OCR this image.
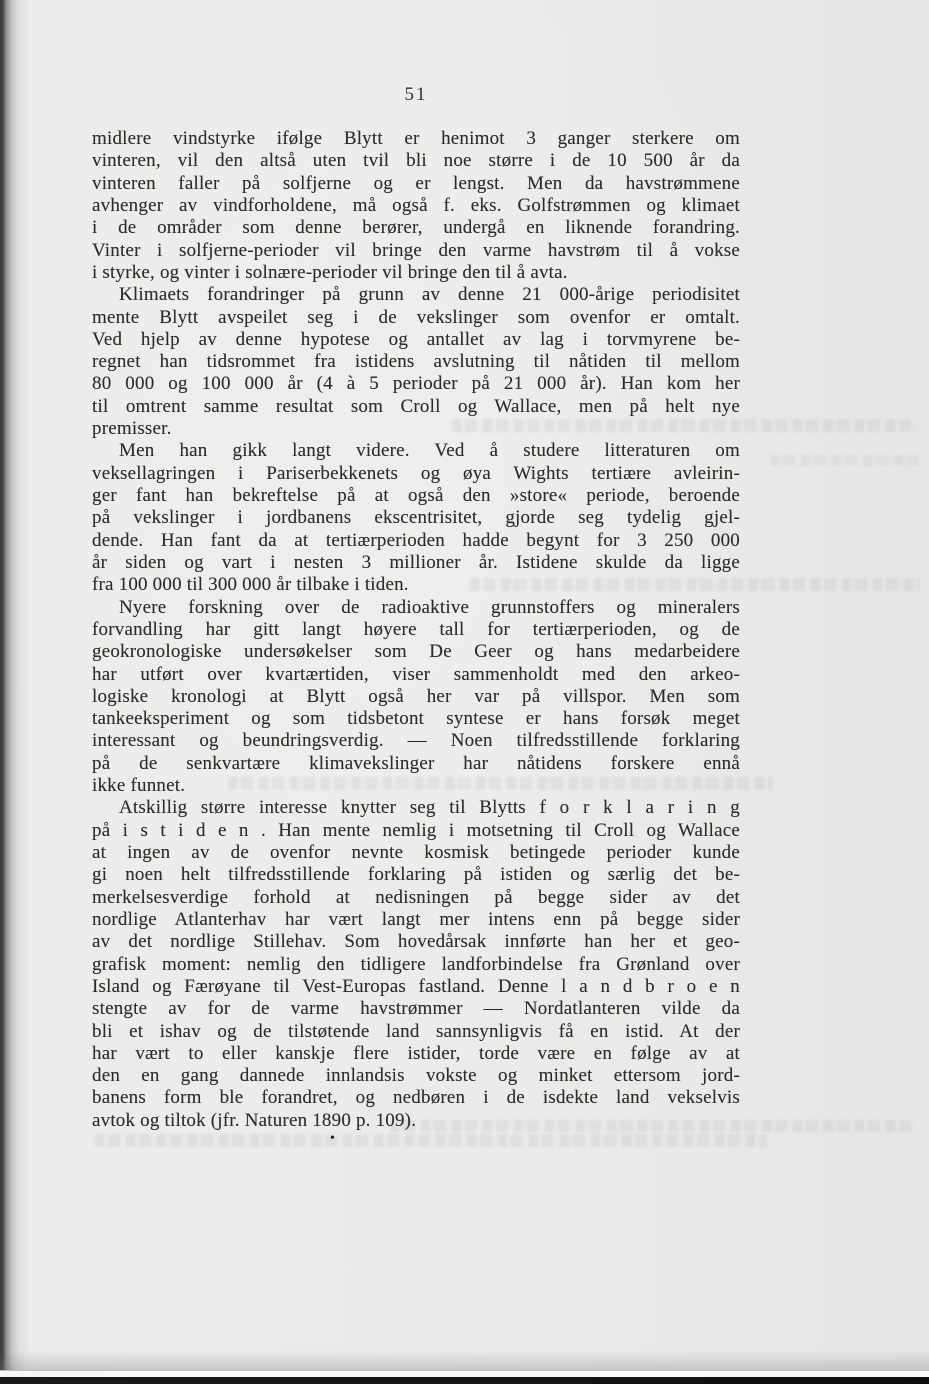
51
midlere vindstyrke ifølge Blytt er henimot 3 ganger sterkere om
vinteren, vil den altså uten tvil bli noe større i de 10 500 år da
vinteren faller på solfjerne og er lengst. Men da havstrømmene
avhenger av vindforholdene, må også f. eks. Golfstrømmen og klimaet
i de områder som denne berører, undergå en liknende forandring.
Vinter i solfjerne-perioder vil bringe den varme havstrøm til å vokse
i styrke, og vinter i solnære-perioder vil bringe den til å avta.
Klimaets forandringer på grunn av denne 21 000-årige periodisitet
mente Blytt avspeilet seg i de vekslinger som ovenfor er omtalt.
Ved hjelp av denne hypotese og antallet av lag i torvmyrene be-
regnet han tidsrommet fra istidens avslutning til nåtiden til mellom
80 000 og 100 000 år (4 à 5 perioder på 21 000 år). Han kom her
til omtrent samme resultat som Croll og Wallace, men på helt nye
premisser.
Men han gikk langt videre. Ved å studere litteraturen om
veksellagringen i Pariserbekkenets og øya Wights tertiære avleirin-
ger fant han bekreftelse på at også den »store« periode, beroende
på vekslinger i jordbanens ekscentrisitet, gjorde seg tydelig gjel-
dende. Han fant da at tertiærperioden hadde begynt for 3 250 000
år siden og vart i nesten 3 millioner år. Istidene skulde da ligge
fra 100 000 til 300 000 år tilbake i tiden.
Nyere forskning over de radioaktive grunnstoffers og mineralers
forvandling har gitt langt høyere tall for tertiærperioden, og de
geokronologiske undersøkelser som De Geer og hans medarbeidere
har utført over kvartærtiden, viser sammenholdt med den arkeo-
logiske kronologi at Blytt også her var på villspor. Men som
tankeeksperiment og som tidsbetont syntese er hans forsøk meget
interessant og beundringsverdig. — Noen tilfredsstillende forklaring
på de senkvartære klimavekslinger har nåtidens forskere ennå
ikke funnet.
Atskillig større interesse knytter seg til Blytts f o r k l a r i n g
på i s t i d e n . Han mente nemlig i motsetning til Croll og Wallace
at ingen av de ovenfor nevnte kosmisk betingede perioder kunde
gi noen helt tilfredsstillende forklaring på istiden og særlig det be-
merkelsesverdige forhold at nedisningen på begge sider av det
nordlige Atlanterhav har vært langt mer intens enn på begge sider
av det nordlige Stillehav. Som hovedårsak innførte han her et geo-
grafisk moment: nemlig den tidligere landforbindelse fra Grønland over
Island og Færøyane til Vest-Europas fastland. Denne l a n d b r o e n
stengte av for de varme havstrømmer — Nordatlanteren vilde da
bli et ishav og de tilstøtende land sannsynligvis få en istid. At der
har vært to eller kanskje flere istider, torde være en følge av at
den en gang dannede innlandsis vokste og minket ettersom jord-
banens form ble forandret, og nedbøren i de isdekte land vekselvis
avtok og tiltok (jfr. Naturen 1890 p. 109).
•
